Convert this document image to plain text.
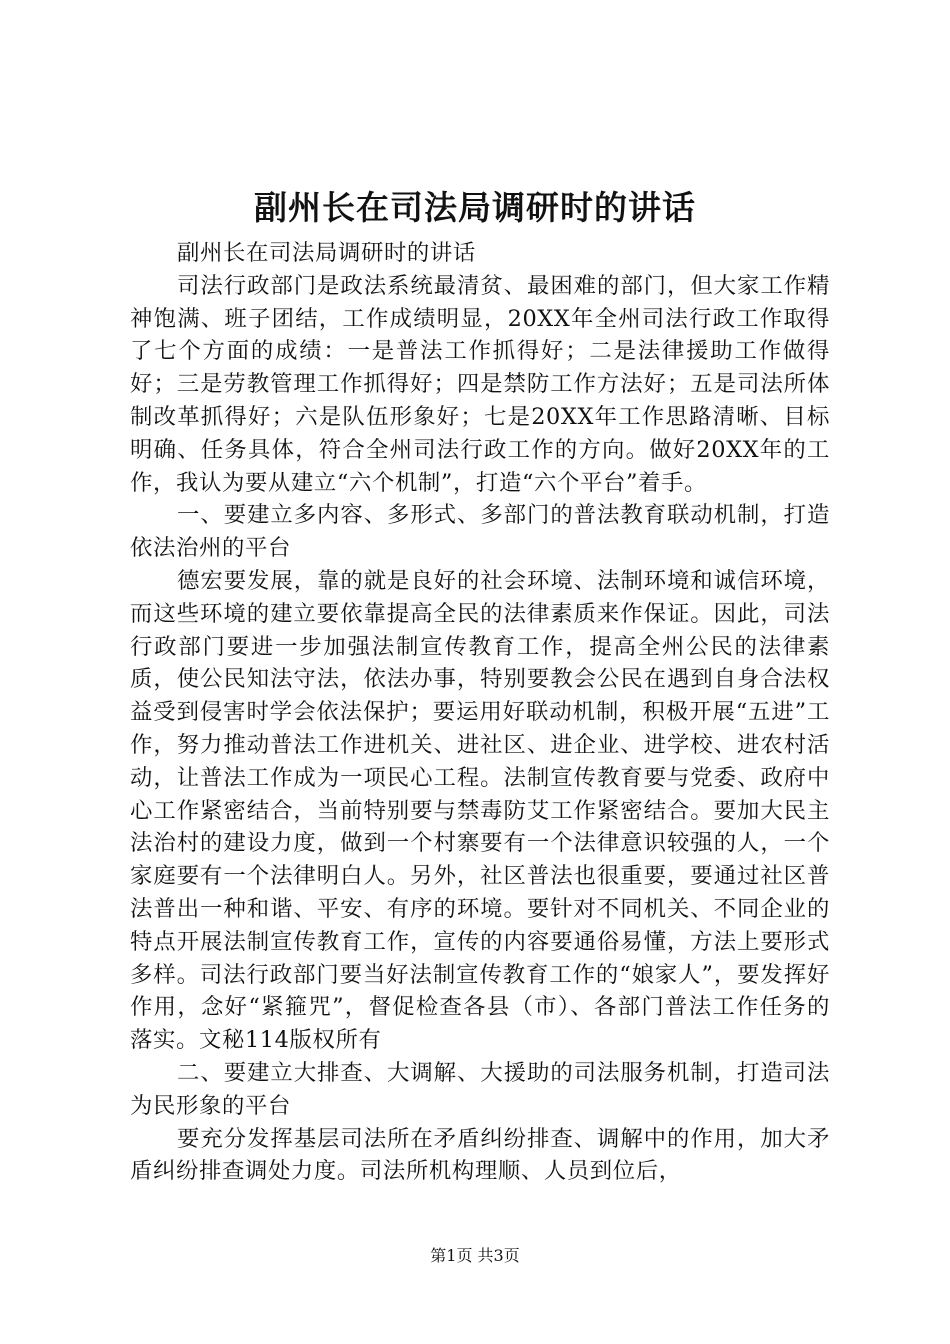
副州长在司法局调研时的讲话

副州长在司法局调研时的讲话

司法行政部门是政法系统最清贫、最困难的部门，但大家工作精神饱满、班子团结，工作成绩明显，20XX年全州司法行政工作取得了七个方面的成绩：一是普法工作抓得好；二是法律援助工作做得好；三是劳教管理工作抓得好；四是禁防工作方法好；五是司法所体制改革抓得好；六是队伍形象好；七是20XX年工作思路清晰、目标明确、任务具体，符合全州司法行政工作的方向。做好20XX年的工作，我认为要从建立“六个机制”，打造“六个平台”着手。

一、要建立多内容、多形式、多部门的普法教育联动机制，打造依法治州的平台

德宏要发展，靠的就是良好的社会环境、法制环境和诚信环境，而这些环境的建立要依靠提高全民的法律素质来作保证。因此，司法行政部门要进一步加强法制宣传教育工作，提高全州公民的法律素质，使公民知法守法，依法办事，特别要教会公民在遇到自身合法权益受到侵害时学会依法保护；要运用好联动机制，积极开展“五进”工作，努力推动普法工作进机关、进社区、进企业、进学校、进农村活动，让普法工作成为一项民心工程。法制宣传教育要与党委、政府中心工作紧密结合，当前特别要与禁毒防艾工作紧密结合。要加大民主法治村的建设力度，做到一个村寨要有一个法律意识较强的人，一个家庭要有一个法律明白人。另外，社区普法也很重要，要通过社区普法普出一种和谐、平安、有序的环境。要针对不同机关、不同企业的特点开展法制宣传教育工作，宣传的内容要通俗易懂，方法上要形式多样。司法行政部门要当好法制宣传教育工作的“娘家人”，要发挥好作用，念好“紧箍咒”，督促检查各县（市）、各部门普法工作任务的落实。文秘114版权所有

二、要建立大排查、大调解、大援助的司法服务机制，打造司法为民形象的平台

要充分发挥基层司法所在矛盾纠纷排查、调解中的作用，加大矛盾纠纷排查调处力度。司法所机构理顺、人员到位后，

第1页 共3页
